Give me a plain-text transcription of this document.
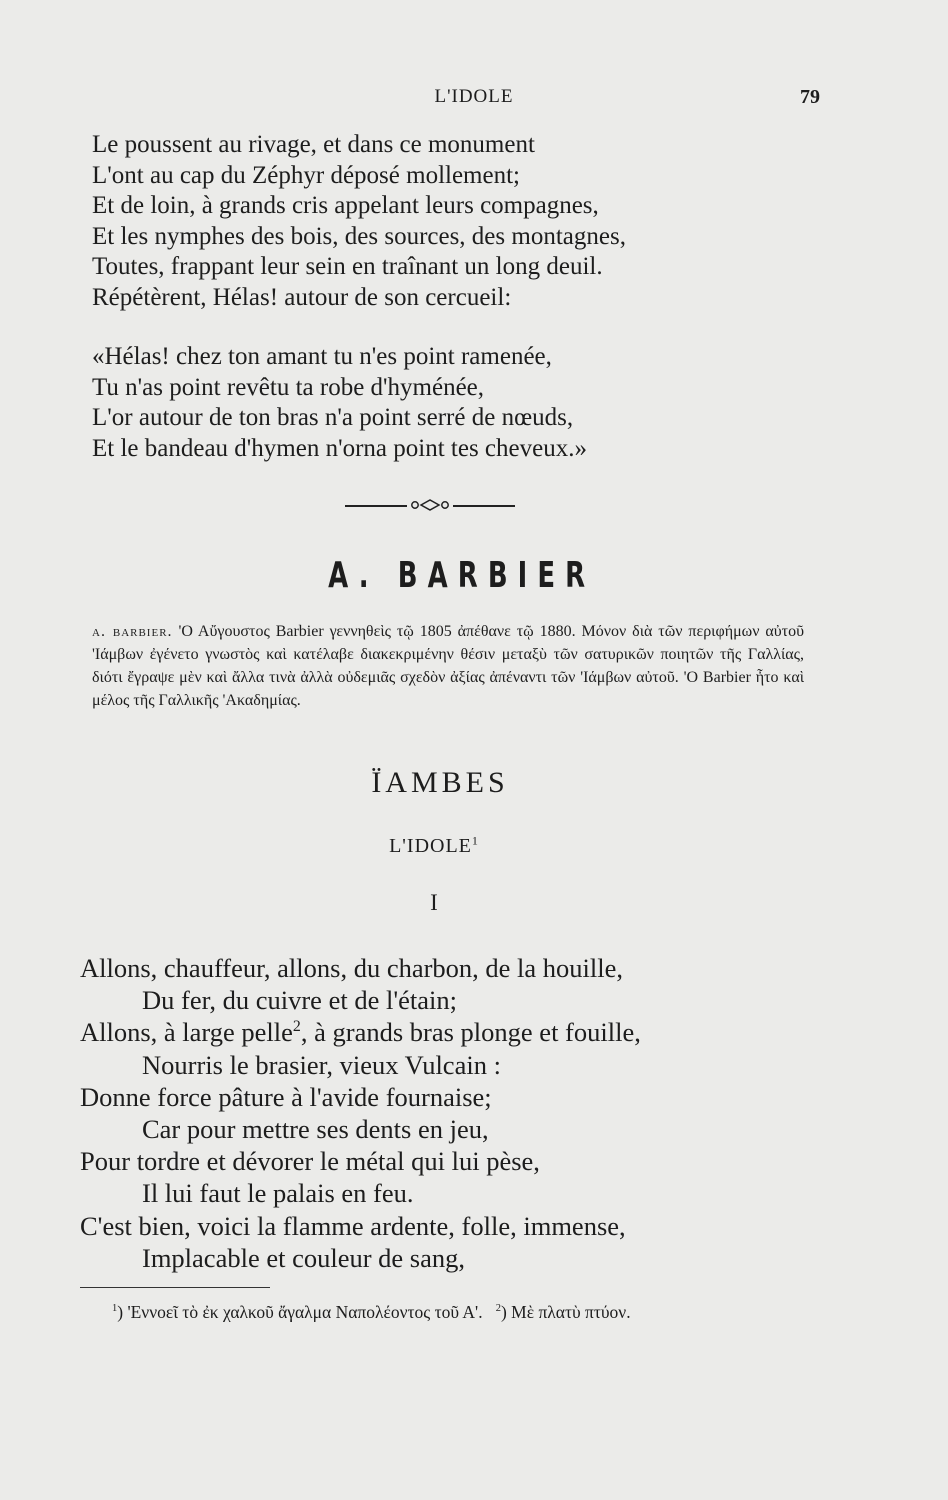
L'IDOLE	79
Le poussent au rivage, et dans ce monument
L'ont au cap du Zéphyr déposé mollement;
Et de loin, à grands cris appelant leurs compagnes,
Et les nymphes des bois, des sources, des montagnes,
Toutes, frappant leur sein en traînant un long deuil.
Répétèrent, Hélas! autour de son cercueil:
«Hélas! chez ton amant tu n'es point ramenée,
Tu n'as point revêtu ta robe d'hyménée,
L'or autour de ton bras n'a point serré de nœuds,
Et le bandeau d'hymen n'orna point tes cheveux.»
A. BARBIER
a. barbier. 'Ο Αὔγουστος Barbier γεννηθεὶς τῷ 1805 ἀπέθανε τῷ 1880. Μόνον διὰ τῶν περιφήμων αὐτοῦ 'Ιάμβων ἐγένετο γνωστὸς καὶ κατέλαβε διακεκριμένην θέσιν μεταξὺ τῶν σατυρικῶν ποιητῶν τῆς Γαλλίας, διότι ἔγραψε μὲν καὶ ἄλλα τινὰ ἀλλὰ οὐδεμιᾶς σχεδὸν ἀξίας ἀπέναντι τῶν 'Ιάμβων αὐτοῦ. 'Ο Barbier ἦτο καὶ μέλος τῆς Γαλλικῆς 'Ακαδημίας.
ÏAMBES
L'IDOLE$^1$
I
Allons, chauffeur, allons, du charbon, de la houille,
Du fer, du cuivre et de l'étain;
Allons, à large pelle$^2$, à grands bras plonge et fouille,
Nourris le brasier, vieux Vulcain :
Donne force pâture à l'avide fournaise;
Car pour mettre ses dents en jeu,
Pour tordre et dévorer le métal qui lui pèse,
Il lui faut le palais en feu.
C'est bien, voici la flamme ardente, folle, immense,
Implacable et couleur de sang,
$^1$) 'Εννοεῖ τὸ ἐκ χαλκοῦ ἄγαλμα Ναπολέοντος τοῦ Α'. $^2$) Μὲ πλατὺ πτύον.
